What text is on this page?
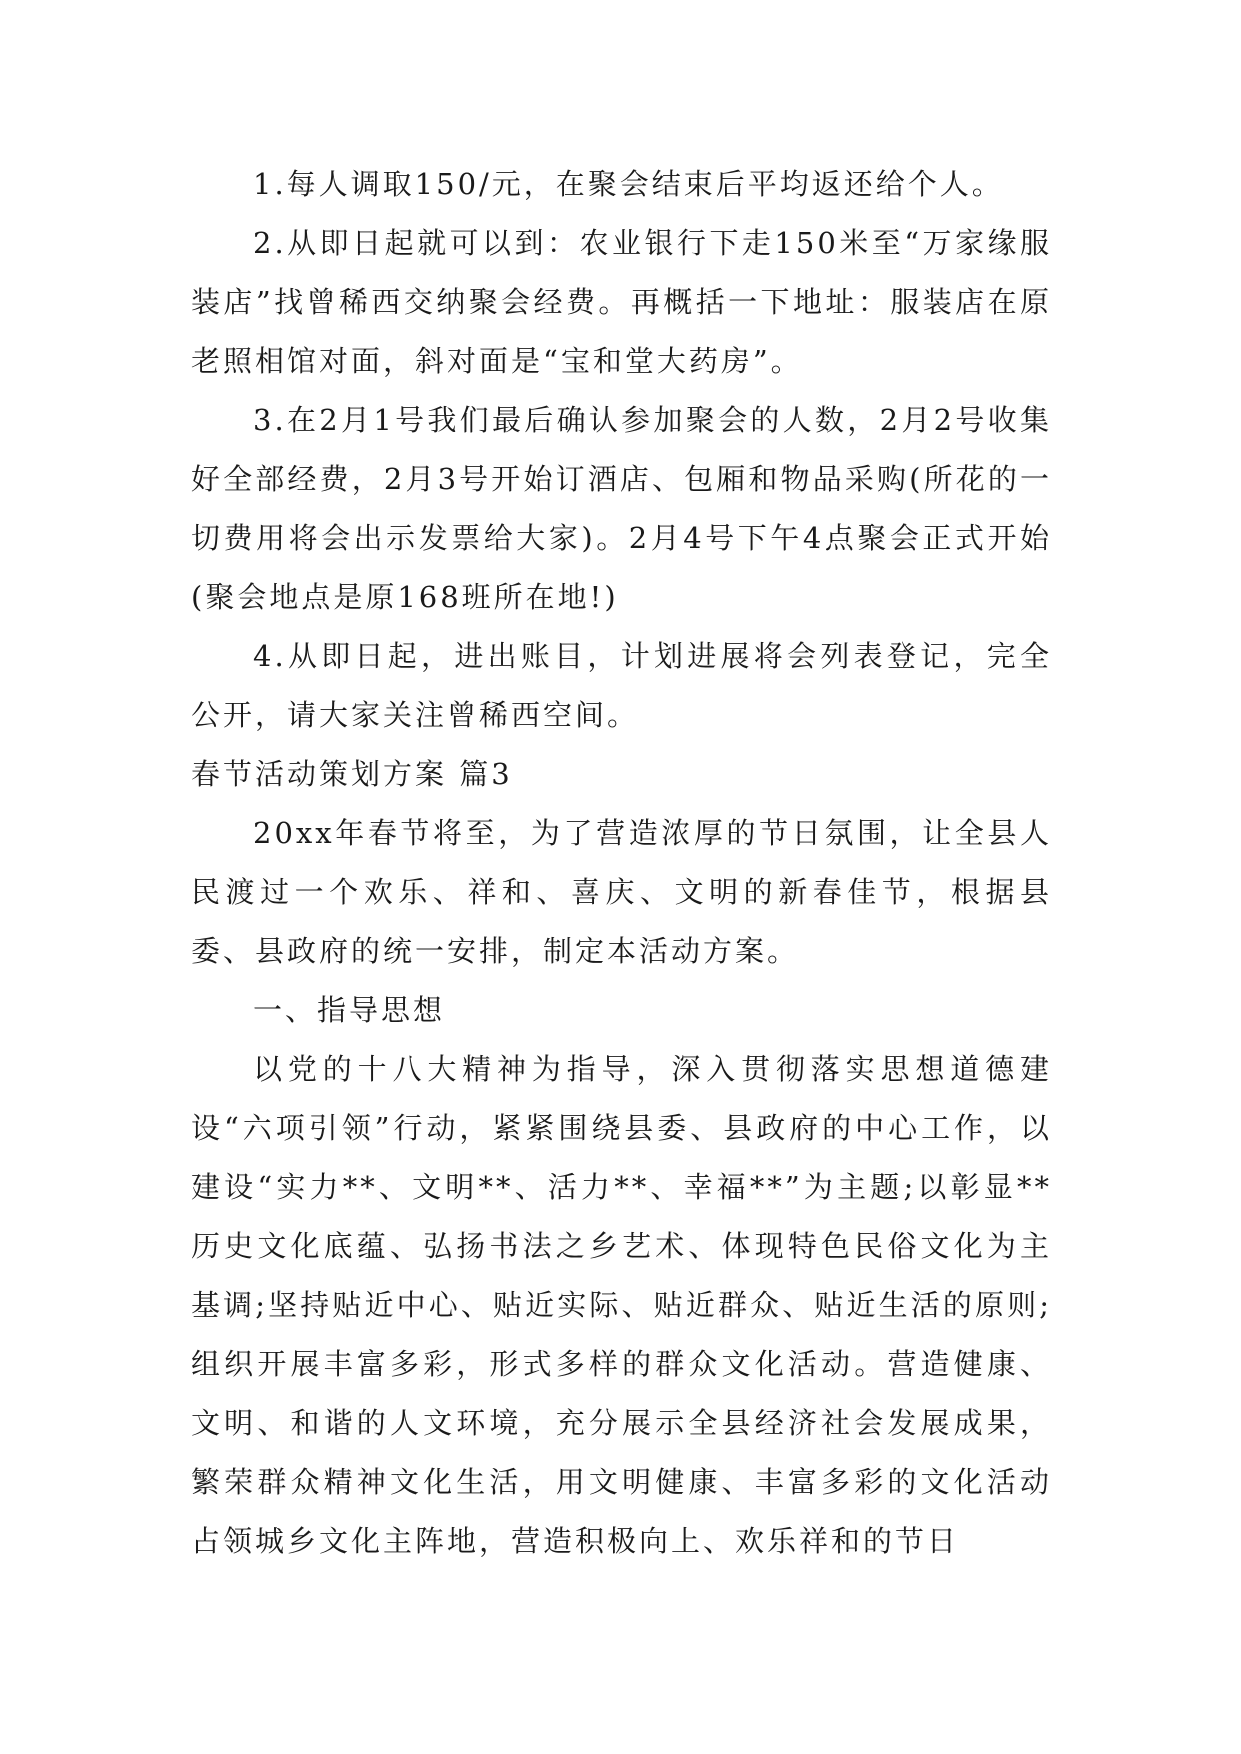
1.每人调取150/元，在聚会结束后平均返还给个人。

2.从即日起就可以到：农业银行下走150米至“万家缘服装店”找曾稀西交纳聚会经费。再概括一下地址：服装店在原老照相馆对面，斜对面是“宝和堂大药房”。

3.在2月1号我们最后确认参加聚会的人数，2月2号收集好全部经费，2月3号开始订酒店、包厢和物品采购(所花的一切费用将会出示发票给大家)。2月4号下午4点聚会正式开始(聚会地点是原168班所在地!)

4.从即日起，进出账目，计划进展将会列表登记，完全公开，请大家关注曾稀西空间。

春节活动策划方案 篇3

20xx年春节将至，为了营造浓厚的节日氛围，让全县人民渡过一个欢乐、祥和、喜庆、文明的新春佳节，根据县委、县政府的统一安排，制定本活动方案。

一、指导思想

以党的十八大精神为指导，深入贯彻落实思想道德建设“六项引领”行动，紧紧围绕县委、县政府的中心工作，以建设“实力**、文明**、活力**、幸福**”为主题;以彰显**历史文化底蕴、弘扬书法之乡艺术、体现特色民俗文化为主基调;坚持贴近中心、贴近实际、贴近群众、贴近生活的原则;组织开展丰富多彩，形式多样的群众文化活动。营造健康、文明、和谐的人文环境，充分展示全县经济社会发展成果，繁荣群众精神文化生活，用文明健康、丰富多彩的文化活动占领城乡文化主阵地，营造积极向上、欢乐祥和的节日
